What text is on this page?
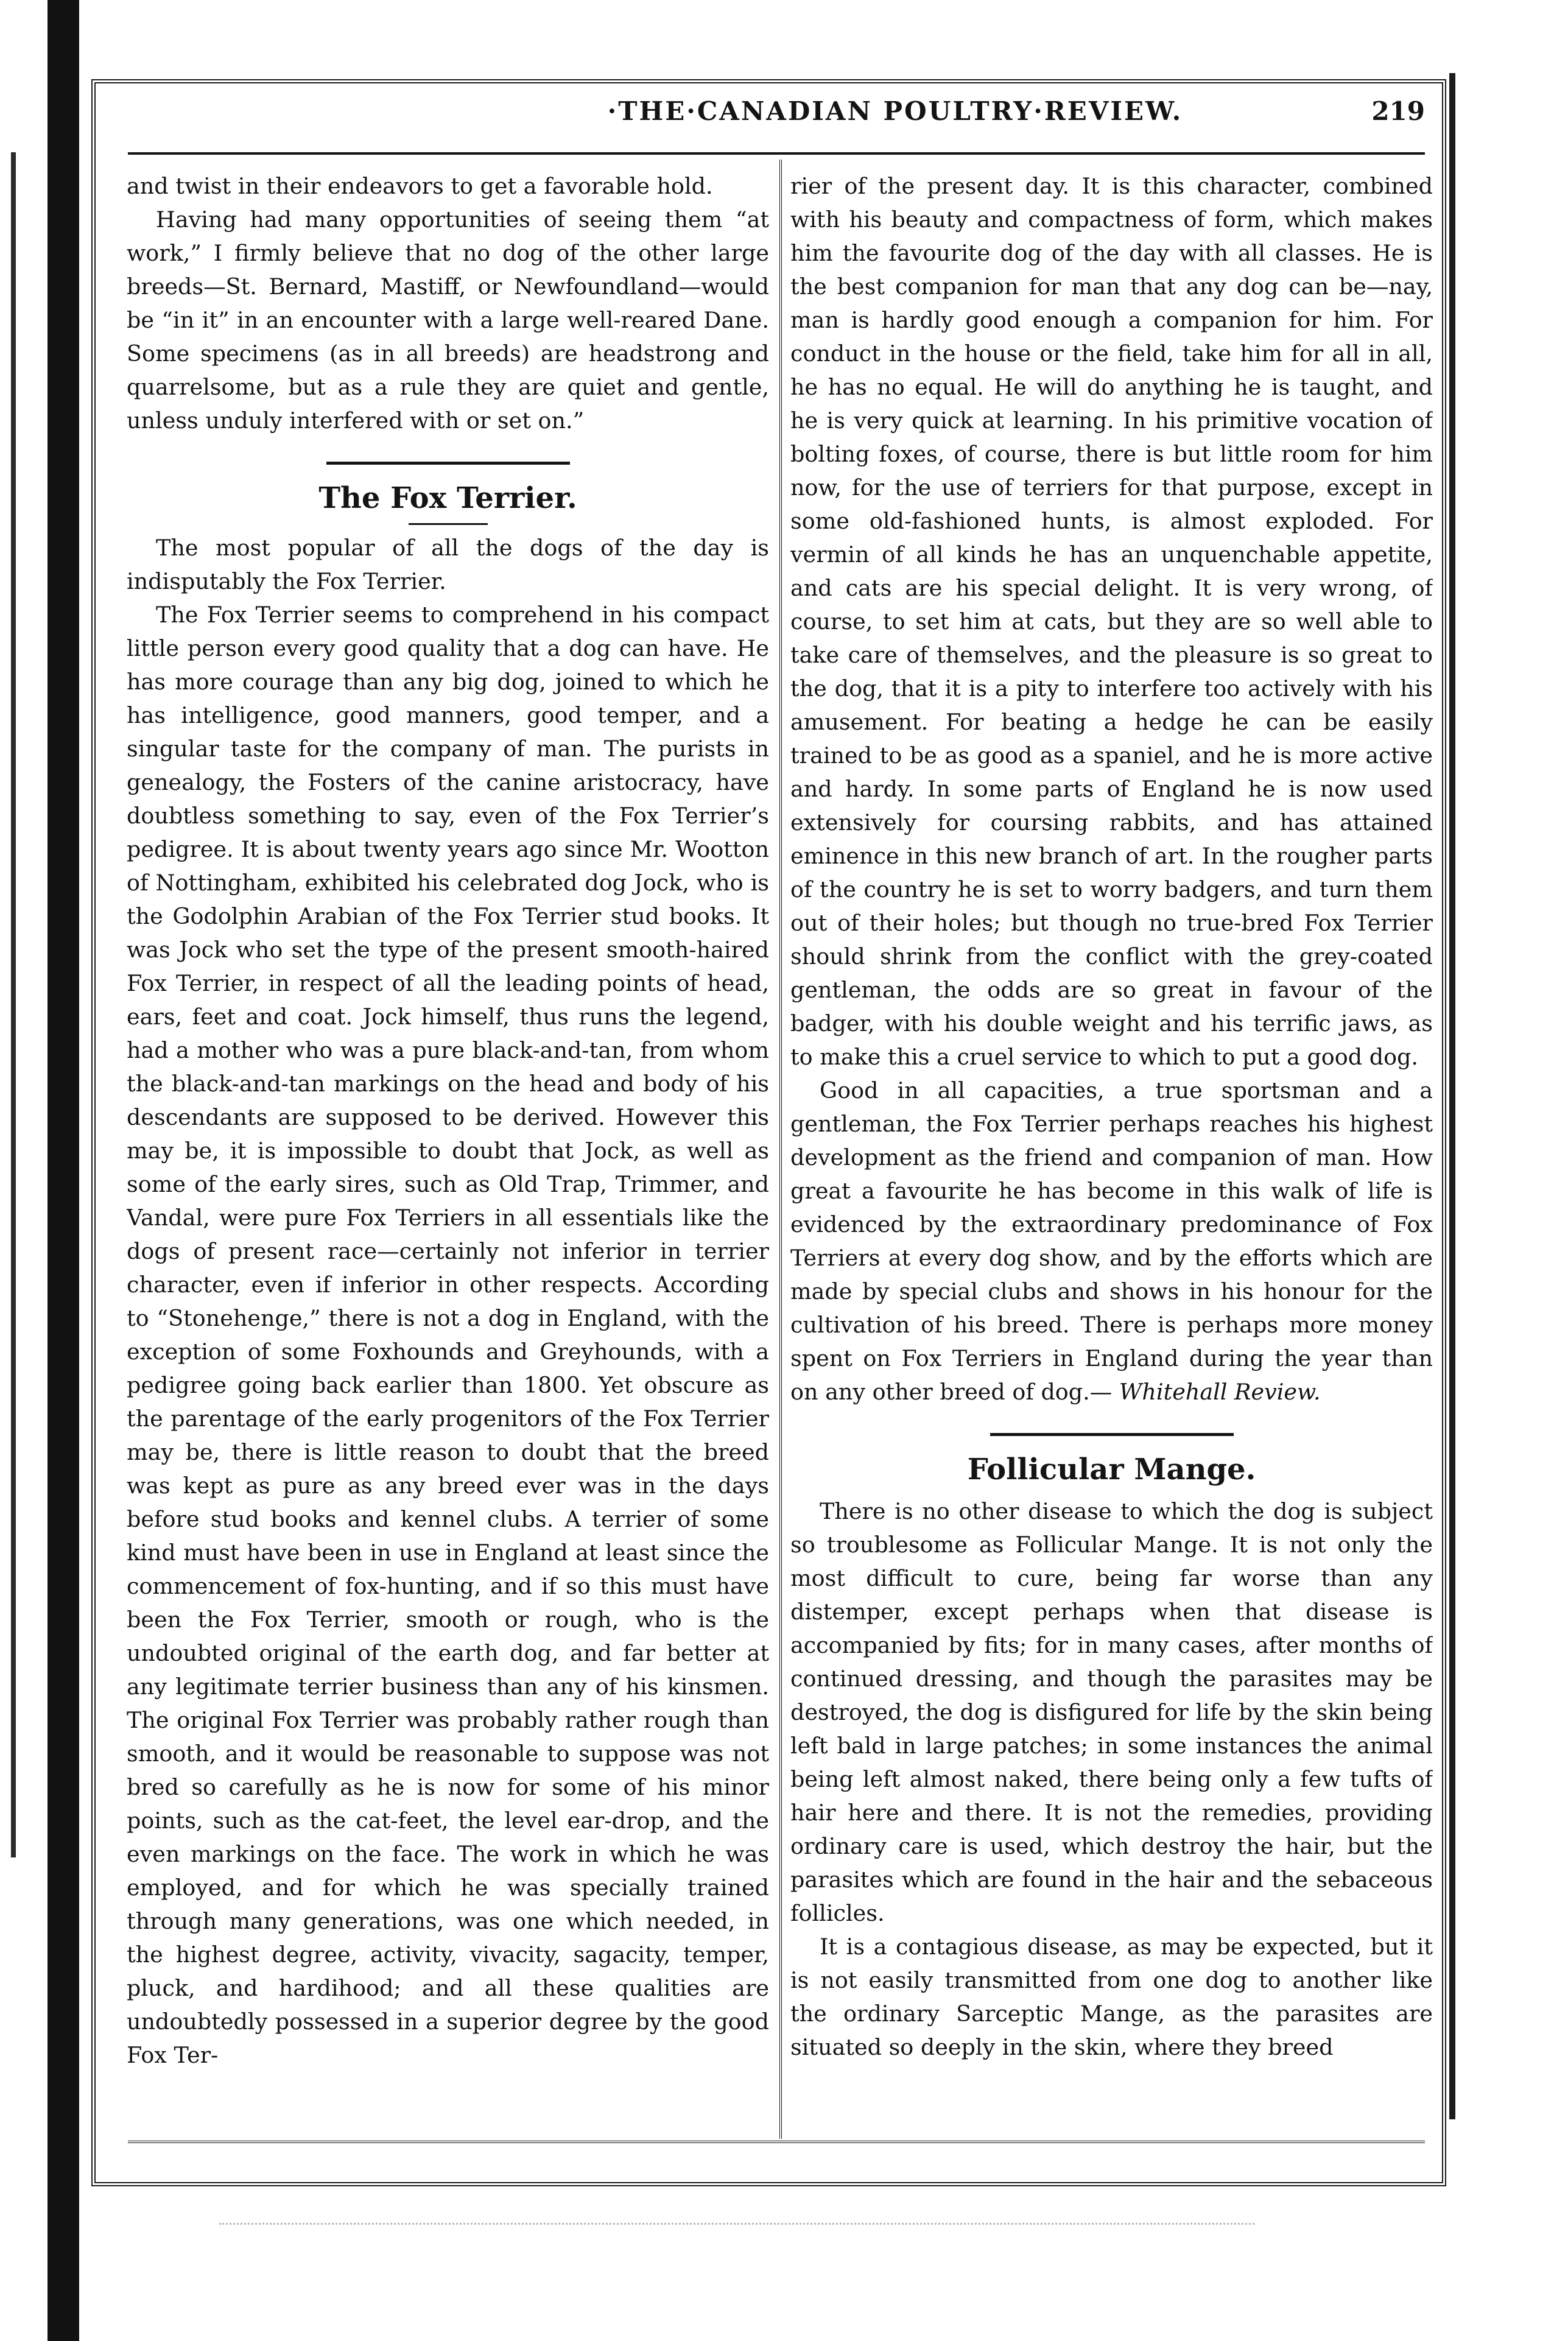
·THE·CANADIAN POULTRY·REVIEW.	219

and twist in their endeavors to get a favorable hold.

Having had many opportunities of seeing them “at work,” I firmly believe that no dog of the other large breeds—St. Bernard, Mastiff, or Newfoundland—would be “in it” in an encounter with a large well-reared Dane. Some specimens (as in all breeds) are headstrong and quarrelsome, but as a rule they are quiet and gentle, unless unduly interfered with or set on.”

The Fox Terrier.

The most popular of all the dogs of the day is indisputably the Fox Terrier.

The Fox Terrier seems to comprehend in his compact little person every good quality that a dog can have. He has more courage than any big dog, joined to which he has intelligence, good manners, good temper, and a singular taste for the company of man. The purists in genealogy, the Fosters of the canine aristocracy, have doubtless something to say, even of the Fox Terrier’s pedigree. It is about twenty years ago since Mr. Wootton of Nottingham, exhibited his celebrated dog Jock, who is the Godolphin Arabian of the Fox Terrier stud books. It was Jock who set the type of the present smooth-haired Fox Terrier, in respect of all the leading points of head, ears, feet and coat. Jock himself, thus runs the legend, had a mother who was a pure black-and-tan, from whom the black-and-tan markings on the head and body of his descendants are supposed to be derived. However this may be, it is impossible to doubt that Jock, as well as some of the early sires, such as Old Trap, Trimmer, and Vandal, were pure Fox Terriers in all essentials like the dogs of present race—certainly not inferior in terrier character, even if inferior in other respects. According to “Stonehenge,” there is not a dog in England, with the exception of some Foxhounds and Greyhounds, with a pedigree going back earlier than 1800. Yet obscure as the parentage of the early progenitors of the Fox Terrier may be, there is little reason to doubt that the breed was kept as pure as any breed ever was in the days before stud books and kennel clubs. A terrier of some kind must have been in use in England at least since the commencement of fox-hunting, and if so this must have been the Fox Terrier, smooth or rough, who is the undoubted original of the earth dog, and far better at any legitimate terrier business than any of his kinsmen. The original Fox Terrier was probably rather rough than smooth, and it would be reasonable to suppose was not bred so carefully as he is now for some of his minor points, such as the cat-feet, the level ear-drop, and the even markings on the face. The work in which he was employed, and for which he was specially trained through many generations, was one which needed, in the highest degree, activity, vivacity, sagacity, temper, pluck, and hardihood; and all these qualities are undoubtedly possessed in a superior degree by the good Fox Ter-

rier of the present day. It is this character, combined with his beauty and compactness of form, which makes him the favourite dog of the day with all classes. He is the best companion for man that any dog can be—nay, man is hardly good enough a companion for him. For conduct in the house or the field, take him for all in all, he has no equal. He will do anything he is taught, and he is very quick at learning. In his primitive vocation of bolting foxes, of course, there is but little room for him now, for the use of terriers for that purpose, except in some old-fashioned hunts, is almost exploded. For vermin of all kinds he has an unquenchable appetite, and cats are his special delight. It is very wrong, of course, to set him at cats, but they are so well able to take care of themselves, and the pleasure is so great to the dog, that it is a pity to interfere too actively with his amusement. For beating a hedge he can be easily trained to be as good as a spaniel, and he is more active and hardy. In some parts of England he is now used extensively for coursing rabbits, and has attained eminence in this new branch of art. In the rougher parts of the country he is set to worry badgers, and turn them out of their holes; but though no true-bred Fox Terrier should shrink from the conflict with the grey-coated gentleman, the odds are so great in favour of the badger, with his double weight and his terrific jaws, as to make this a cruel service to which to put a good dog.

Good in all capacities, a true sportsman and a gentleman, the Fox Terrier perhaps reaches his highest development as the friend and companion of man. How great a favourite he has become in this walk of life is evidenced by the extraordinary predominance of Fox Terriers at every dog show, and by the efforts which are made by special clubs and shows in his honour for the cultivation of his breed. There is perhaps more money spent on Fox Terriers in England during the year than on any other breed of dog.— Whitehall Review.

Follicular Mange.

There is no other disease to which the dog is subject so troublesome as Follicular Mange. It is not only the most difficult to cure, being far worse than any distemper, except perhaps when that disease is accompanied by fits; for in many cases, after months of continued dressing, and though the parasites may be destroyed, the dog is disfigured for life by the skin being left bald in large patches; in some instances the animal being left almost naked, there being only a few tufts of hair here and there. It is not the remedies, providing ordinary care is used, which destroy the hair, but the parasites which are found in the hair and the sebaceous follicles.

It is a contagious disease, as may be expected, but it is not easily transmitted from one dog to another like the ordinary Sarceptic Mange, as the parasites are situated so deeply in the skin, where they breed
